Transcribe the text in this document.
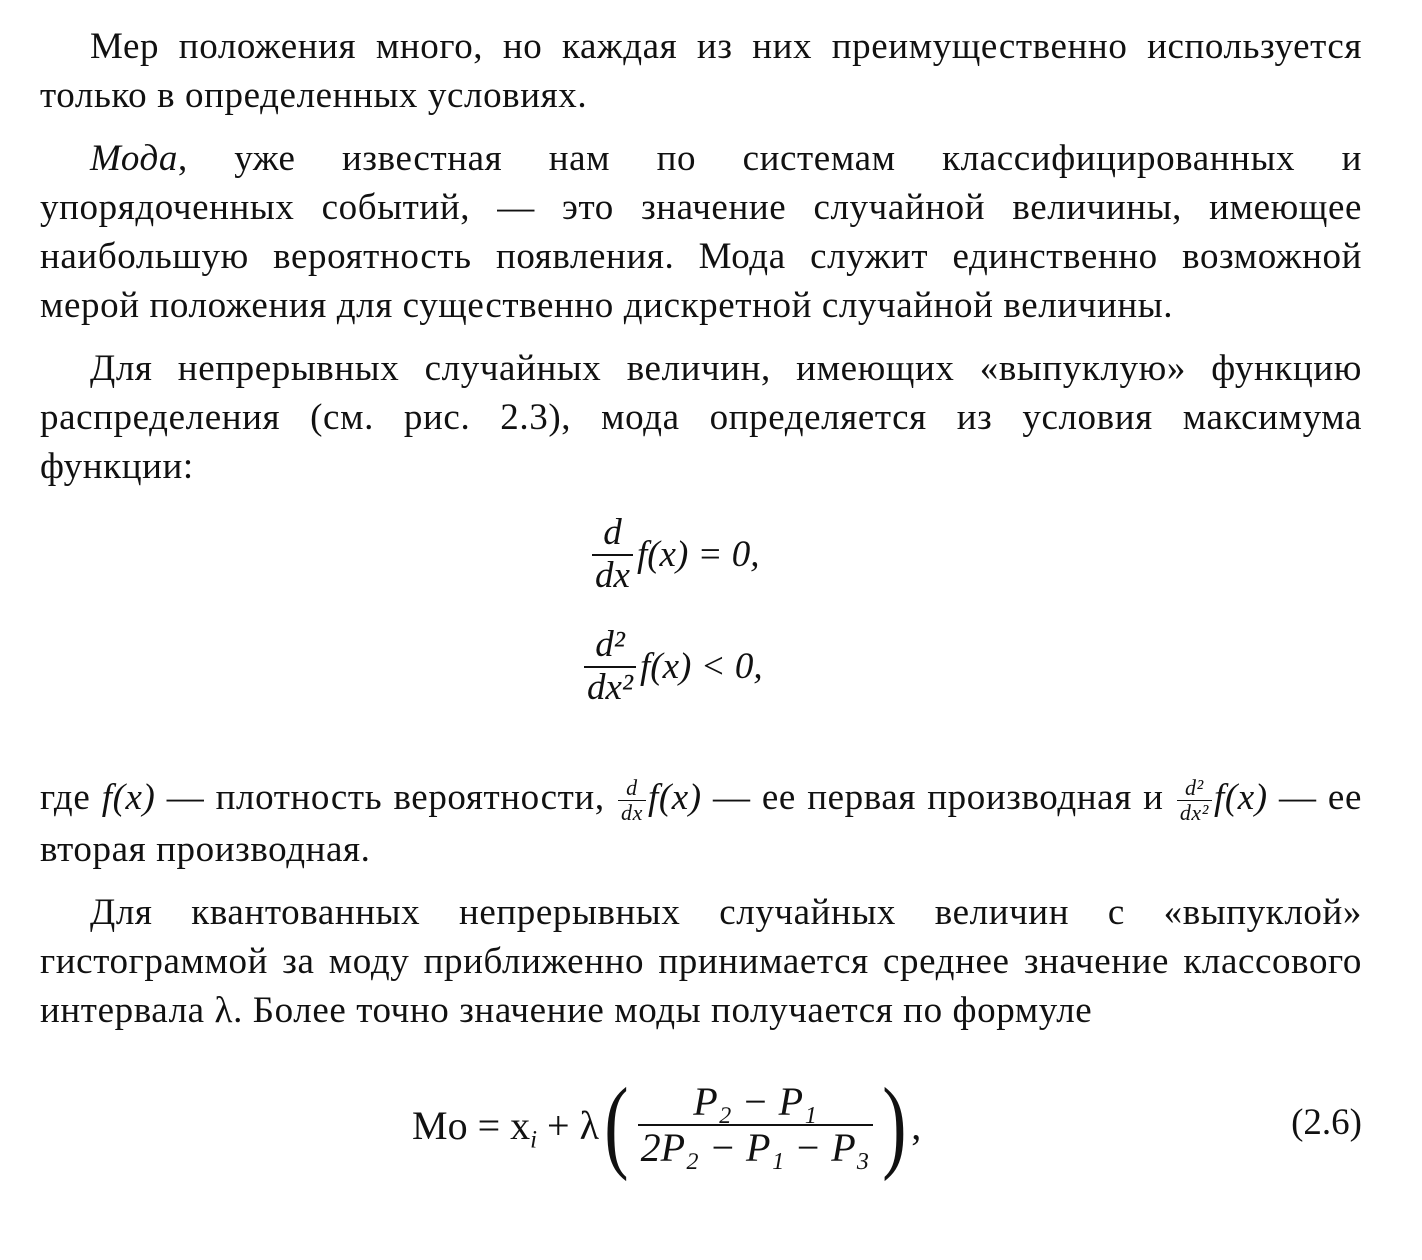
Мер положения много, но каждая из них преимущественно используется только в определенных условиях.

Мода, уже известная нам по системам классифицированных и упорядоченных событий, — это значение случайной величины, имеющее наибольшую вероятность появления. Мода служит единственно возможной мерой положения для существенно дискретной случайной величины.

Для непрерывных случайных величин, имеющих «выпуклую» функцию распределения (см. рис. 2.3), мода определяется из условия максимума функции:

$\frac{d}{dx} f(x) = 0$,
$\frac{\text{d²}}{\text{dx²}} f(x) < 0$,

где f(x) — плотность вероятности, $\frac{d}{dx} f(x)$ — ее первая производная и $\frac{\text{d²}}{\text{dx²}} f(x)$ — ее вторая производная.

Для квантованных непрерывных случайных величин с «выпуклой» гистограммой за моду приближенно принимается среднее значение классового интервала λ. Более точно значение моды получается по формуле

$Mo = x_i + \lambda$ ( $\frac{\text{P₂ − P₁}}{\text{2P₂ − P₁ − P₃}}$ ) ,	(2.6)
